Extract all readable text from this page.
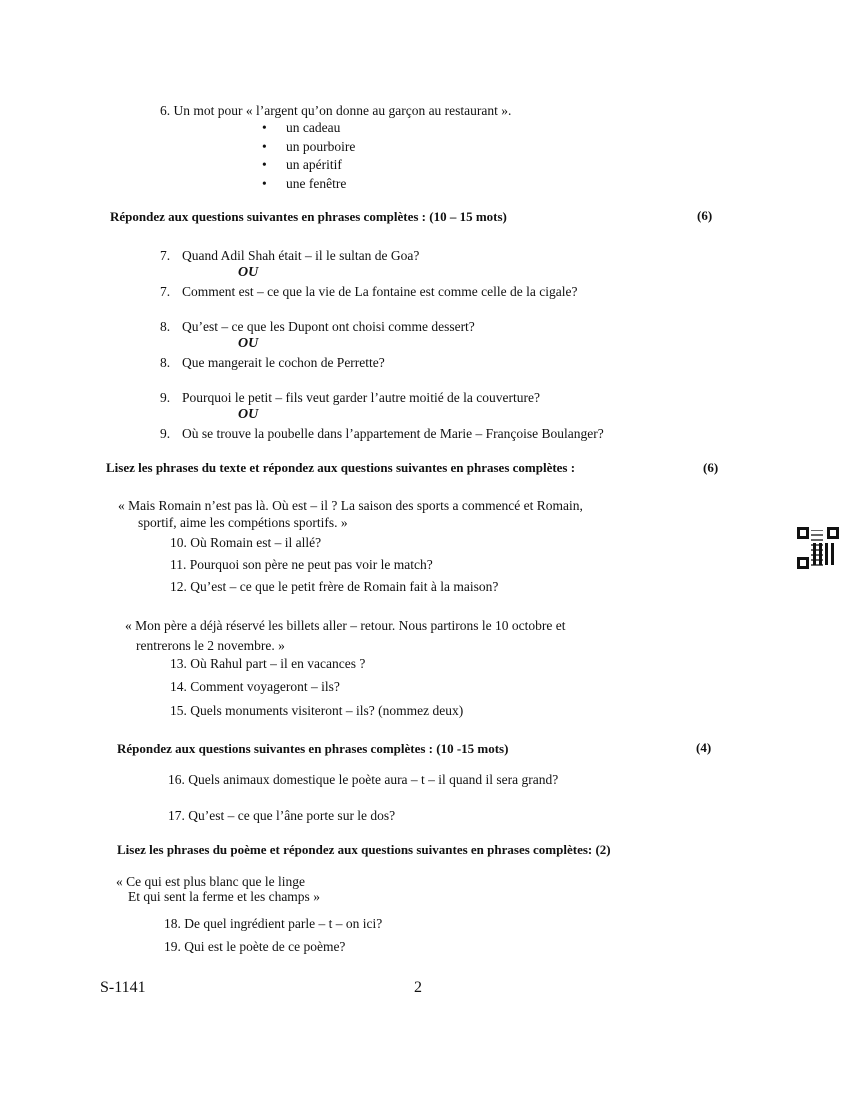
6. Un mot pour « l’argent qu’on donne au garçon au restaurant ».
• un cadeau
• un pourboire
• un apéritif
• une fenêtre
Répondez aux questions suivantes en phrases complètes : (10 – 15 mots)	(6)
7. Quand Adil Shah était – il le sultan de Goa?
OU
7. Comment est – ce que la vie de La fontaine est comme celle de la cigale?
8. Qu’est – ce que les Dupont ont choisi comme dessert?
OU
8. Que mangerait le cochon de Perrette?
9. Pourquoi le petit – fils veut garder l’autre moitié de la couverture?
OU
9. Où se trouve la poubelle dans l’appartement de Marie – Françoise Boulanger?
Lisez les phrases du texte et répondez aux questions suivantes en phrases complètes :	(6)
« Mais Romain n’est pas là. Où est – il ? La saison des sports a commencé et Romain,
sportif, aime les compétions sportifs. »
10. Où Romain est – il allé?
11. Pourquoi son père ne peut pas voir le match?
12. Qu’est – ce que le petit frère de Romain fait à la maison?
« Mon père a déjà réservé les billets aller – retour. Nous partirons le 10 octobre et
rentrerons le 2 novembre. »
13. Où Rahul part – il en vacances ?
14. Comment voyageront – ils?
15. Quels monuments visiteront – ils? (nommez deux)
Répondez aux questions suivantes en phrases complètes : (10 -15 mots)	(4)
16. Quels animaux domestique le poète aura – t – il quand il sera grand?
17. Qu’est – ce que l’âne porte sur le dos?
Lisez les phrases du poème et répondez aux questions suivantes en phrases complètes: (2)
« Ce qui est plus blanc que le linge
Et qui sent la ferme et les champs »
18. De quel ingrédient parle – t – on ici?
19. Qui est le poète de ce poème?
S-1141	2
